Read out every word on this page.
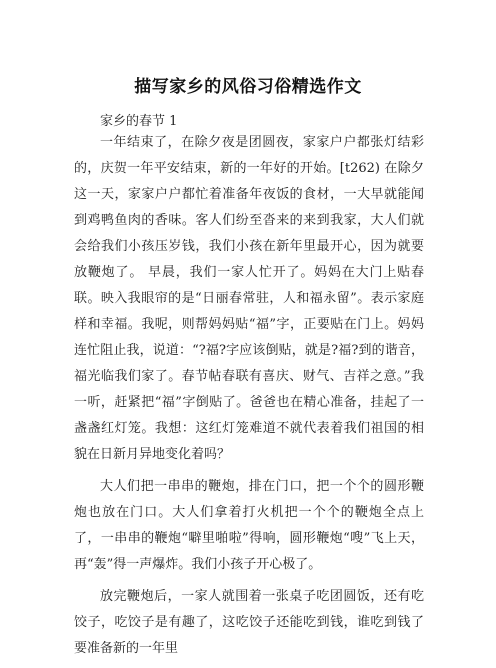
描写家乡的风俗习俗精选作文
家乡的春节 1

一年结束了，在除夕夜是团圆夜，家家户户都张灯结彩的，庆贺一年平安结束，新的一年好的开始。[t262) 在除夕这一天，家家户户都忙着准备年夜饭的食材，一大早就能闻到鸡鸭鱼肉的香味。客人们纷至沓来的来到我家，大人们就会给我们小孩压岁钱，我们小孩在新年里最开心，因为就要放鞭炮了。 早晨，我们一家人忙开了。妈妈在大门上贴春联。映入我眼帘的是“日丽春常驻，人和福永留”。表示家庭样和幸福。我呢，则帮妈妈贴“福”字，正要贴在门上。妈妈连忙阻止我，说道：“?福?字应该倒贴，就是?福?到的谐音，福光临我们家了。春节帖春联有喜庆、财气、吉祥之意。”我一听，赶紧把“福”字倒贴了。爸爸也在精心准备，挂起了一盏盏红灯笼。我想：这红灯笼难道不就代表着我们祖国的相貌在日新月异地变化着吗？

大人们把一串串的鞭炮，排在门口，把一个个的圆形鞭炮也放在门口。大人们拿着打火机把一个个的鞭炮全点上了，一串串的鞭炮“噼里啪啦”得响，圆形鞭炮“嗖”飞上天，再“轰”得一声爆炸。我们小孩子开心极了。

放完鞭炮后，一家人就围着一张桌子吃团圆饭，还有吃饺子，吃饺子是有趣了，这吃饺子还能吃到钱，谁吃到钱了要准备新的一年里
